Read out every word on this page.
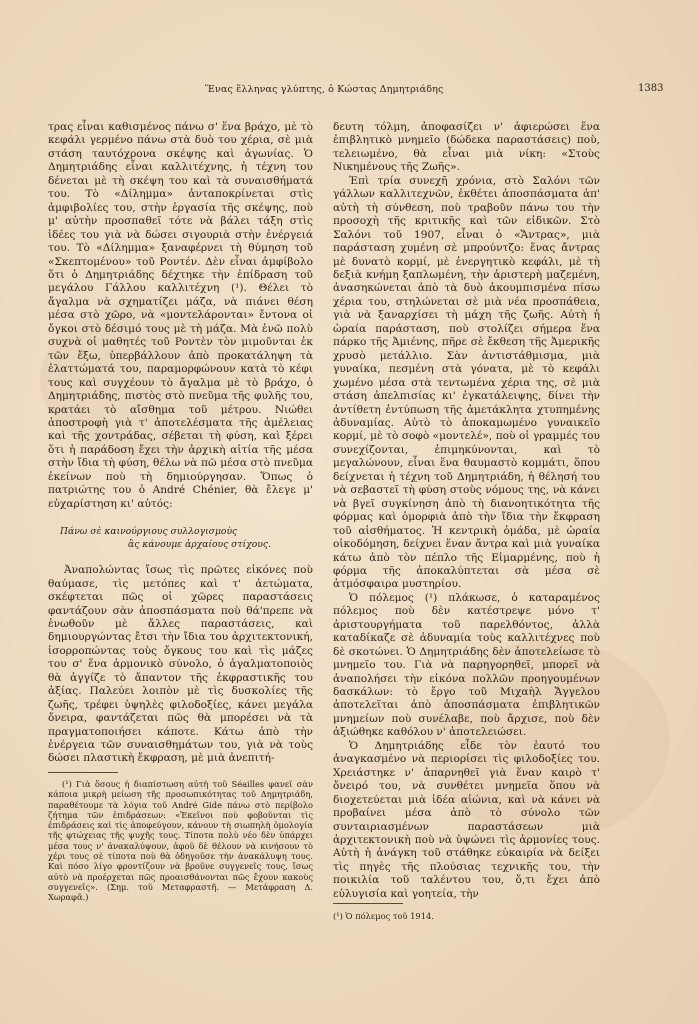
Ἕνας ἕλληνας γλύπτης, ὁ Κώστας Δημητριάδης	1383

τρας εἶναι καθισμένος πάνω σ' ἕνα βράχο, μὲ τὸ κεφάλι γερμένο πάνω στὰ δυὸ του χέρια, σὲ μιὰ στάση ταυτόχρονα σκέψης καὶ ἀγωνίας. Ὁ Δημητριάδης εἶναι καλλιτέχνης, ἡ τέχνη του δένεται μὲ τὴ σκέψη του καὶ τὰ συναισθήματά του. Τὸ «Δίλημμα» ἀνταποκρίνεται στὶς ἀμφιβολίες του, στὴν ἐργασία τῆς σκέψης, ποὺ μ' αὐτὴν προσπαθεῖ τότε νὰ βάλει τάξη στὶς ἰδέες του γιὰ νὰ δώσει σιγουριὰ στὴν ἐνέργειά του. Τὸ «Δίλημμα» ξαναφέρνει τὴ θύμηση τοῦ «Σκεπτομένου» τοῦ Ροντέν. Δὲν εἶναι ἀμφίβολο ὅτι ὁ Δημητριάδης δέχτηκε τὴν ἐπίδραση τοῦ μεγάλου Γάλλου καλλιτέχνη (¹). Θέλει τὸ ἄγαλμα νὰ σχηματίζει μάζα, νὰ πιάνει θέση μέσα στὸ χῶρο, νὰ «μοντελάρονται» ἔντονα οἱ ὄγκοι στὸ δέσιμό τους μὲ τὴ μάζα. Μὰ ἐνῶ πολὺ συχνὰ οἱ μαθητές τοῦ Ροντὲν τὸν μιμοῦνται ἐκ τῶν ἔξω, ὑπερβάλλουν ἀπὸ προκατάληψη τὰ ἐλαττώματά του, παραμορφώνουν κατὰ τὸ κέφι τους καὶ συγχέουν τὸ ἄγαλμα μὲ τὸ βράχο, ὁ Δημητριάδης, πιστὸς στὸ πνεῦμα τῆς φυλῆς του, κρατάει τὸ αἴσθημα τοῦ μέτρου. Νιώθει ἀποστροφὴ γιὰ τ' ἀποτελέσματα τῆς ἀμέλειας καὶ τῆς χοντράδας, σέβεται τὴ φύση, καὶ ξέρει ὅτι ἡ παράδοση ἔχει τὴν ἀρχικὴ αἰτία τῆς μέσα στὴν ἴδια τὴ φύση, θέλω νὰ πῶ μέσα στὸ πνεῦμα ἐκείνων ποὺ τὴ δημιούργησαν. Ὅπως ὁ πατριώτης του ὁ André Chénier, θὰ ἔλεγε μ' εὐχαρίστηση κι' αὐτός:

Πάνω σὲ καινούργιους συλλογισμοὺς

ἂς κάνουμε ἀρχαίους στίχους.

Ἀναπολώντας ἴσως τὶς πρῶτες εἰκόνες ποὺ θαύμασε, τὶς μετόπες καὶ τ' ἀετώματα, σκέφτεται πῶς οἱ χῶρες παραστάσεις φαντάζουν σὰν ἀποσπάσματα ποὺ θά'πρεπε νὰ ἑνωθοῦν μὲ ἄλλες παραστάσεις, καὶ δημιουργώντας ἔτσι τὴν ἴδια του ἀρχιτεκτονική, ἰσορροπώντας τοὺς ὄγκους του καὶ τὶς μάζες του σ' ἕνα ἁρμονικὸ σύνολο, ὁ ἀγαλματοποιὸς θὰ ἀγγίζε τὸ ἄπαντον τῆς ἐκφραστικῆς του ἀξίας. Παλεύει λοιπὸν μὲ τὶς δυσκολίες τῆς ζωῆς, τρέφει ὑψηλὲς φιλοδοξίες, κάνει μεγάλα ὄνειρα, φαντάζεται πῶς θὰ μπορέσει νὰ τὰ πραγματοποιήσει κάποτε. Κάτω ἀπὸ τὴν ἐνέργεια τῶν συναισθημάτων του, γιὰ νὰ τοὺς δώσει πλαστικὴ ἔκφραση, μὲ μιὰ ἀνεπιτή-

(¹) Γιὰ ὅσους ἡ διαπίστωση αὐτὴ τοῦ Séailles φανεῖ σὰν κάποια μικρὴ μείωση τῆς προσωπικότητας τοῦ Δημητριάδη, παραθέτουμε τὰ λόγια τοῦ André Gide πάνω στὸ περίβολο ζήτημα τῶν ἐπιδράσεων: «Ἐκεῖνοι ποὺ φοβοῦνται τὶς ἐπιδράσεις καὶ τὶς ἀποφεύγουν, κάνουν τὴ σιωπηλὴ ὁμολογία τῆς φτώχειας τῆς ψυχῆς τους. Τίποτα πολὺ νέο δὲν ὑπάρχει μέσα τους ν' ἀνακαλύψουν, ἀφοῦ δὲ θέλουν νὰ κινήσουν τὸ χέρι τους σὲ τίποτα ποὺ θὰ ὁδηγοῦσε τὴν ἀνακάλυψη τους. Καὶ πόσο λίγο φροντίζουν νὰ βροῦνε συγγενεῖς τους, ἴσως αὐτὸ νὰ προέρχεται πῶς προαισθάνονται πῶς ἔχουν κακοὺς συγγενεῖς». (Σημ. τοῦ Μεταφραστῆ. — Μετάφραση Δ. Χωραφᾶ.)

δευτη τόλμη, ἀποφασίζει ν' ἀφιερώσει ἕνα ἐπιβλητικὸ μνημεῖο (δώδεκα παραστάσεις) ποὺ, τελειωμένο, θὰ εἶναι μιὰ νίκη: «Στοὺς Νικημένους τῆς Ζωῆς».

Ἐπὶ τρία συνεχῆ χρόνια, στὸ Σαλόνι τῶν γάλλων καλλιτεχνῶν, ἐκθέτει ἀποσπάσματα ἀπ' αὐτὴ τὴ σύνθεση, ποὺ τραβοῦν πάνω του τὴν προσοχὴ τῆς κριτικῆς καὶ τῶν εἰδικῶν. Στὸ Σαλόνι τοῦ 1907, εἶναι ὁ «Ἄντρας», μιὰ παράσταση χυμένη σὲ μπρούντζο: ἕνας ἄντρας μὲ δυνατὸ κορμί, μὲ ἐνεργητικὸ κεφάλι, μὲ τὴ δεξιὰ κνήμη ξαπλωμένη, τὴν ἀριστερὴ μαζεμένη, ἀνασηκώνεται ἀπὸ τὰ δυὸ ἀκουμπισμένα πίσω χέρια του, στηλώνεται σὲ μιὰ νέα προσπάθεια, γιὰ νὰ ξαναρχίσει τὴ μάχη τῆς ζωῆς. Αὐτὴ ἡ ὡραία παράσταση, ποὺ στολίζει σήμερα ἕνα πάρκο τῆς Ἀμιένης, πῆρε σὲ ἔκθεση τῆς Ἀμερικῆς χρυσὸ μετάλλιο. Σὰν ἀντιστάθμισμα, μιὰ γυναίκα, πεσμένη στὰ γόνατα, μὲ τὸ κεφάλι χωμένο μέσα στὰ τεντωμένα χέρια της, σὲ μιὰ στάση ἀπελπισίας κι' ἐγκατάλειψης, δίνει τὴν ἀντίθετη ἐντύπωση τῆς ἀμετάκλητα χτυπημένης ἀδυναμίας. Αὐτὸ τὸ ἀποκαμωμένο γυναικεῖο κορμί, μὲ τὸ σοφὸ «μοντελέ», ποὺ οἱ γραμμές του συνεχίζονται, ἐπιμηκύνονται, καὶ τὸ μεγαλώνουν, εἶναι ἕνα θαυμαστὸ κομμάτι, ὅπου δείχνεται ἡ τέχνη τοῦ Δημητριάδη, ἡ θέλησή του νὰ σεβαστεῖ τὴ φύση στοὺς νόμους της, νὰ κάνει νὰ βγεῖ συγκίνηση ἀπὸ τὴ διανοητικότητα τῆς φόρμας καὶ ὁμορφιὰ ἀπὸ τὴν ἴδια τὴν ἔκφραση τοῦ αἰσθήματος. Ἡ κεντρικὴ ὁμάδα, μὲ ὡραία οἰκοδόμηση, δείχνει ἕναν ἄντρα καὶ μιὰ γυναίκα κάτω ἀπὸ τὸν πέπλο τῆς Εἱμαρμένης, ποὺ ἡ φόρμα τῆς ἀποκαλύπτεται σὰ μέσα σὲ ἀτμόσφαιρα μυστηρίου.

Ὁ πόλεμος (¹) πλάκωσε, ὁ καταραμένος πόλεμος ποὺ δὲν κατέστρεψε μόνο τ' ἀριστουργήματα τοῦ παρελθόντος, ἀλλὰ καταδίκαζε σὲ ἀδυναμία τοὺς καλλιτέχνες ποὺ δὲ σκοτώνει. Ὁ Δημητριάδης δὲν ἀποτελείωσε τὸ μνημεῖο του. Γιὰ νὰ παρηγορηθεῖ, μπορεῖ νὰ ἀναπολήσει τὴν εἰκόνα πολλῶν προηγουμένων δασκάλων: τὸ ἔργο τοῦ Μιχαὴλ Ἄγγελου ἀποτελεῖται ἀπὸ ἀποσπάσματα ἐπιβλητικῶν μνημείων ποὺ συνέλαβε, ποὺ ἄρχισε, ποὺ δὲν ἀξιώθηκε καθόλου ν' ἀποτελειώσει.

Ὁ Δημητριάδης εἶδε τὸν ἑαυτό του ἀναγκασμένο νὰ περιορίσει τὶς φιλοδοξίες του. Χρειάστηκε ν' ἀπαρνηθεῖ γιὰ ἕναν καιρὸ τ' ὄνειρό του, νὰ συνθέτει μνημεῖα ὅπου νὰ διοχετεύεται μιὰ ἰδέα αἰώνια, καὶ νὰ κάνει νὰ προβαίνει μέσα ἀπὸ τὸ σύνολο τῶν συνταιριασμένων παραστάσεων μιὰ ἀρχιτεκτονικὴ ποὺ νὰ ὑψώνει τὶς ἁρμονίες τους. Αὐτὴ ἡ ἀνάγκη τοῦ στάθηκε εὐκαιρία νὰ δείξει τὶς πηγὲς τῆς πλούσιας τεχνικῆς του, τὴν ποικιλία τοῦ ταλέντου του, ὅ,τι ἔχει ἀπὸ εὐλυγισία καὶ γοητεία, τὴν

(¹) Ὁ πόλεμος τοῦ 1914.
